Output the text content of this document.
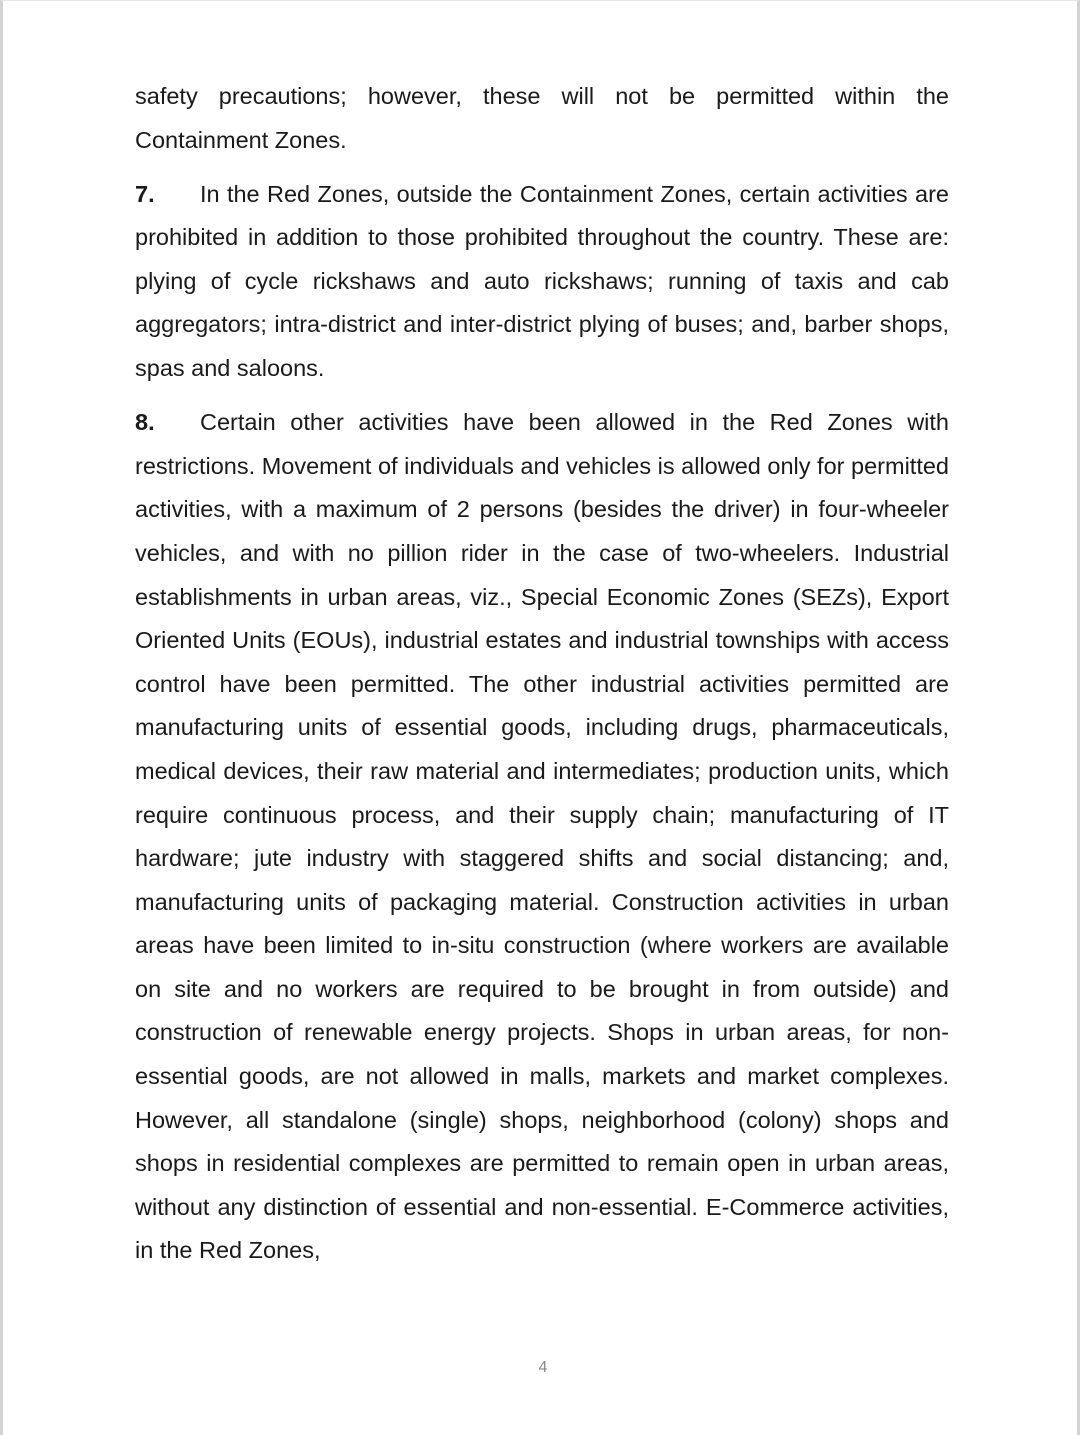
safety precautions; however, these will not be permitted within the Containment Zones.

7. In the Red Zones, outside the Containment Zones, certain activities are prohibited in addition to those prohibited throughout the country. These are: plying of cycle rickshaws and auto rickshaws; running of taxis and cab aggregators; intra-district and inter-district plying of buses; and, barber shops, spas and saloons.

8. Certain other activities have been allowed in the Red Zones with restrictions. Movement of individuals and vehicles is allowed only for permitted activities, with a maximum of 2 persons (besides the driver) in four-wheeler vehicles, and with no pillion rider in the case of two-wheelers. Industrial establishments in urban areas, viz., Special Economic Zones (SEZs), Export Oriented Units (EOUs), industrial estates and industrial townships with access control have been permitted. The other industrial activities permitted are manufacturing units of essential goods, including drugs, pharmaceuticals, medical devices, their raw material and intermediates; production units, which require continuous process, and their supply chain; manufacturing of IT hardware; jute industry with staggered shifts and social distancing; and, manufacturing units of packaging material. Construction activities in urban areas have been limited to in-situ construction (where workers are available on site and no workers are required to be brought in from outside) and construction of renewable energy projects. Shops in urban areas, for non-essential goods, are not allowed in malls, markets and market complexes. However, all standalone (single) shops, neighborhood (colony) shops and shops in residential complexes are permitted to remain open in urban areas, without any distinction of essential and non-essential. E-Commerce activities, in the Red Zones,

4
